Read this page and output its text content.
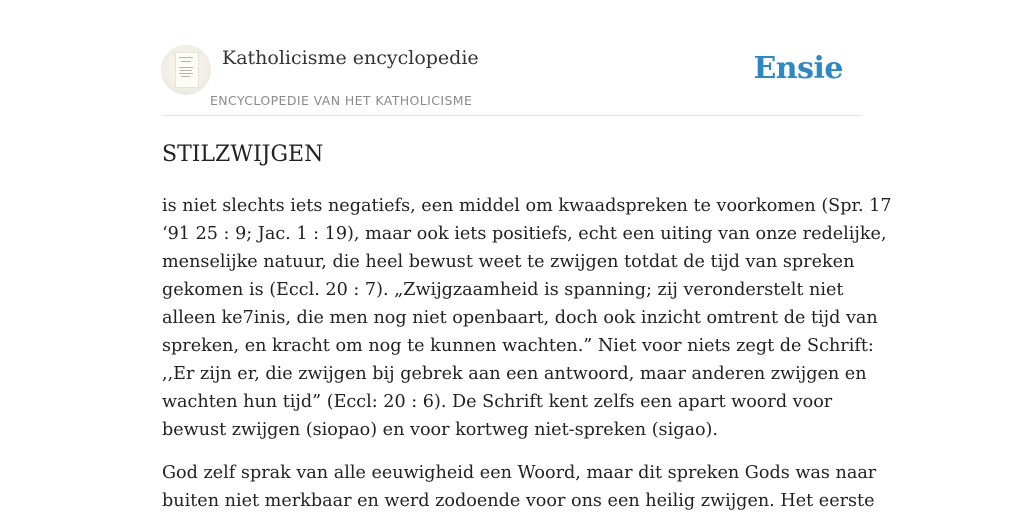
Katholicisme encyclopedie
ENCYCLOPEDIE VAN HET KATHOLICISME
Ensie
STILZWIJGEN
is niet slechts iets negatiefs, een middel om kwaadspreken te voorkomen (Spr. 17
‘91 25 : 9; Jac. 1 : 19), maar ook iets positiefs, echt een uiting van onze redelijke,
menselijke natuur, die heel bewust weet te zwijgen totdat de tijd van spreken
gekomen is (Eccl. 20 : 7). „Zwijgzaamheid is spanning; zij veronderstelt niet
alleen ke7inis, die men nog niet openbaart, doch ook inzicht omtrent de tijd van
spreken, en kracht om nog te kunnen wachten.” Niet voor niets zegt de Schrift:
,,Er zijn er, die zwijgen bij gebrek aan een antwoord, maar anderen zwijgen en
wachten hun tijd” (Eccl: 20 : 6). De Schrift kent zelfs een apart woord voor
bewust zwijgen (siopao) en voor kortweg niet-spreken (sigao).
God zelf sprak van alle eeuwigheid een Woord, maar dit spreken Gods was naar
buiten niet merkbaar en werd zodoende voor ons een heilig zwijgen. Het eerste
